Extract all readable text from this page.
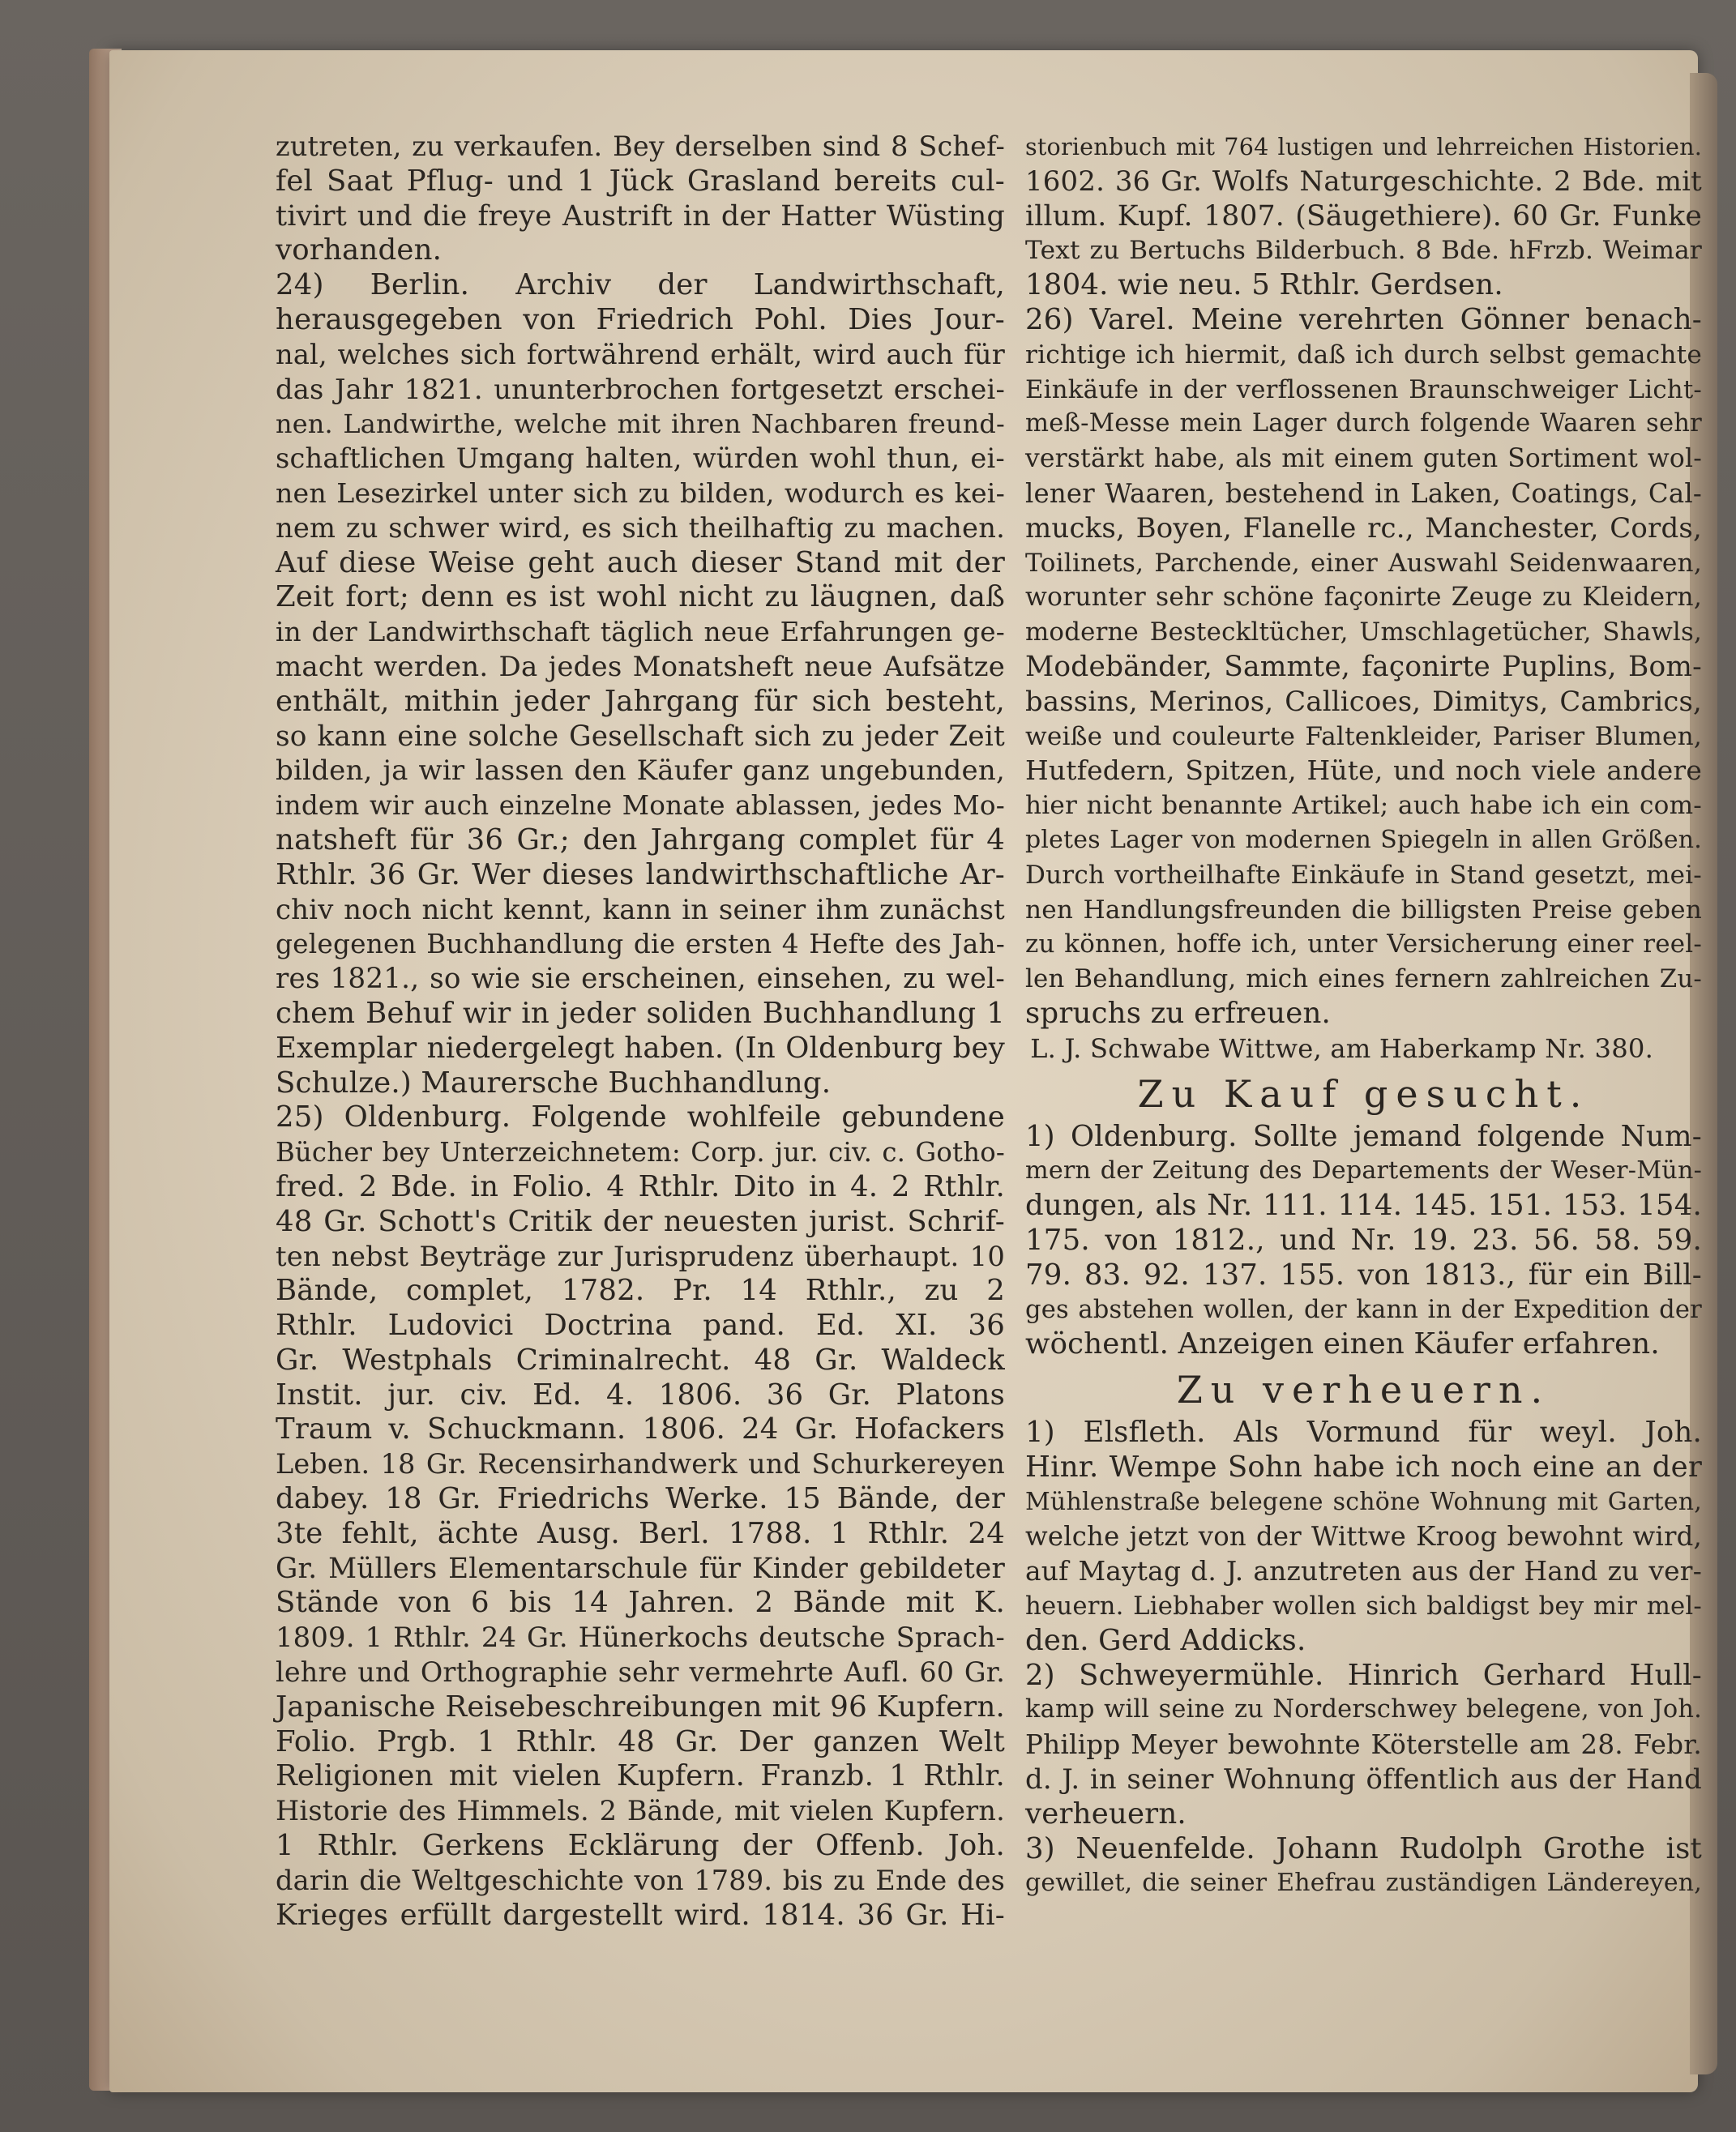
zutreten, zu verkaufen. Bey derselben sind 8 Schef-
fel Saat Pflug- und 1 Jück Grasland bereits cul-
tivirt und die freye Austrift in der Hatter Wüsting
vorhanden.
24) Berlin. Archiv der Landwirthschaft,
herausgegeben von Friedrich Pohl. Dies Jour-
nal, welches sich fortwährend erhält, wird auch für
das Jahr 1821. ununterbrochen fortgesetzt erschei-
nen. Landwirthe, welche mit ihren Nachbaren freund-
schaftlichen Umgang halten, würden wohl thun, ei-
nen Lesezirkel unter sich zu bilden, wodurch es kei-
nem zu schwer wird, es sich theilhaftig zu machen.
Auf diese Weise geht auch dieser Stand mit der
Zeit fort; denn es ist wohl nicht zu läugnen, daß
in der Landwirthschaft täglich neue Erfahrungen ge-
macht werden. Da jedes Monatsheft neue Aufsätze
enthält, mithin jeder Jahrgang für sich besteht,
so kann eine solche Gesellschaft sich zu jeder Zeit
bilden, ja wir lassen den Käufer ganz ungebunden,
indem wir auch einzelne Monate ablassen, jedes Mo-
natsheft für 36 Gr.; den Jahrgang complet für 4
Rthlr. 36 Gr. Wer dieses landwirthschaftliche Ar-
chiv noch nicht kennt, kann in seiner ihm zunächst
gelegenen Buchhandlung die ersten 4 Hefte des Jah-
res 1821., so wie sie erscheinen, einsehen, zu wel-
chem Behuf wir in jeder soliden Buchhandlung 1
Exemplar niedergelegt haben. (In Oldenburg bey
Schulze.) Maurersche Buchhandlung.
25) Oldenburg. Folgende wohlfeile gebundene
Bücher bey Unterzeichnetem: Corp. jur. civ. c. Gotho-
fred. 2 Bde. in Folio. 4 Rthlr. Dito in 4. 2 Rthlr.
48 Gr. Schott's Critik der neuesten jurist. Schrif-
ten nebst Beyträge zur Jurisprudenz überhaupt. 10
Bände, complet, 1782. Pr. 14 Rthlr., zu 2
Rthlr. Ludovici Doctrina pand. Ed. XI. 36
Gr. Westphals Criminalrecht. 48 Gr. Waldeck
Instit. jur. civ. Ed. 4. 1806. 36 Gr. Platons
Traum v. Schuckmann. 1806. 24 Gr. Hofackers
Leben. 18 Gr. Recensirhandwerk und Schurkereyen
dabey. 18 Gr. Friedrichs Werke. 15 Bände, der
3te fehlt, ächte Ausg. Berl. 1788. 1 Rthlr. 24
Gr. Müllers Elementarschule für Kinder gebildeter
Stände von 6 bis 14 Jahren. 2 Bände mit K.
1809. 1 Rthlr. 24 Gr. Hünerkochs deutsche Sprach-
lehre und Orthographie sehr vermehrte Aufl. 60 Gr.
Japanische Reisebeschreibungen mit 96 Kupfern.
Folio. Prgb. 1 Rthlr. 48 Gr. Der ganzen Welt
Religionen mit vielen Kupfern. Franzb. 1 Rthlr.
Historie des Himmels. 2 Bände, mit vielen Kupfern.
1 Rthlr. Gerkens Ecklärung der Offenb. Joh.
darin die Weltgeschichte von 1789. bis zu Ende des
Krieges erfüllt dargestellt wird. 1814. 36 Gr. Hi-
storienbuch mit 764 lustigen und lehrreichen Historien.
1602. 36 Gr. Wolfs Naturgeschichte. 2 Bde. mit
illum. Kupf. 1807. (Säugethiere). 60 Gr. Funke
Text zu Bertuchs Bilderbuch. 8 Bde. hFrzb. Weimar
1804. wie neu. 5 Rthlr. Gerdsen.
26) Varel. Meine verehrten Gönner benach-
richtige ich hiermit, daß ich durch selbst gemachte
Einkäufe in der verflossenen Braunschweiger Licht-
meß-Messe mein Lager durch folgende Waaren sehr
verstärkt habe, als mit einem guten Sortiment wol-
lener Waaren, bestehend in Laken, Coatings, Cal-
mucks, Boyen, Flanelle rc., Manchester, Cords,
Toilinets, Parchende, einer Auswahl Seidenwaaren,
worunter sehr schöne façonirte Zeuge zu Kleidern,
moderne Besteckltücher, Umschlagetücher, Shawls,
Modebänder, Sammte, façonirte Puplins, Bom-
bassins, Merinos, Callicoes, Dimitys, Cambrics,
weiße und couleurte Faltenkleider, Pariser Blumen,
Hutfedern, Spitzen, Hüte, und noch viele andere
hier nicht benannte Artikel; auch habe ich ein com-
pletes Lager von modernen Spiegeln in allen Größen.
Durch vortheilhafte Einkäufe in Stand gesetzt, mei-
nen Handlungsfreunden die billigsten Preise geben
zu können, hoffe ich, unter Versicherung einer reel-
len Behandlung, mich eines fernern zahlreichen Zu-
spruchs zu erfreuen.
L. J. Schwabe Wittwe, am Haberkamp Nr. 380.
Zu Kauf gesucht.
1) Oldenburg. Sollte jemand folgende Num-
mern der Zeitung des Departements der Weser-Mün-
dungen, als Nr. 111. 114. 145. 151. 153. 154.
175. von 1812., und Nr. 19. 23. 56. 58. 59.
79. 83. 92. 137. 155. von 1813., für ein Bill-
ges abstehen wollen, der kann in der Expedition der
wöchentl. Anzeigen einen Käufer erfahren.
Zu verheuern.
1) Elsfleth. Als Vormund für weyl. Joh.
Hinr. Wempe Sohn habe ich noch eine an der
Mühlenstraße belegene schöne Wohnung mit Garten,
welche jetzt von der Wittwe Kroog bewohnt wird,
auf Maytag d. J. anzutreten aus der Hand zu ver-
heuern. Liebhaber wollen sich baldigst bey mir mel-
den. Gerd Addicks.
2) Schweyermühle. Hinrich Gerhard Hull-
kamp will seine zu Norderschwey belegene, von Joh.
Philipp Meyer bewohnte Köterstelle am 28. Febr.
d. J. in seiner Wohnung öffentlich aus der Hand
verheuern.
3) Neuenfelde. Johann Rudolph Grothe ist
gewillet, die seiner Ehefrau zuständigen Ländereyen,
